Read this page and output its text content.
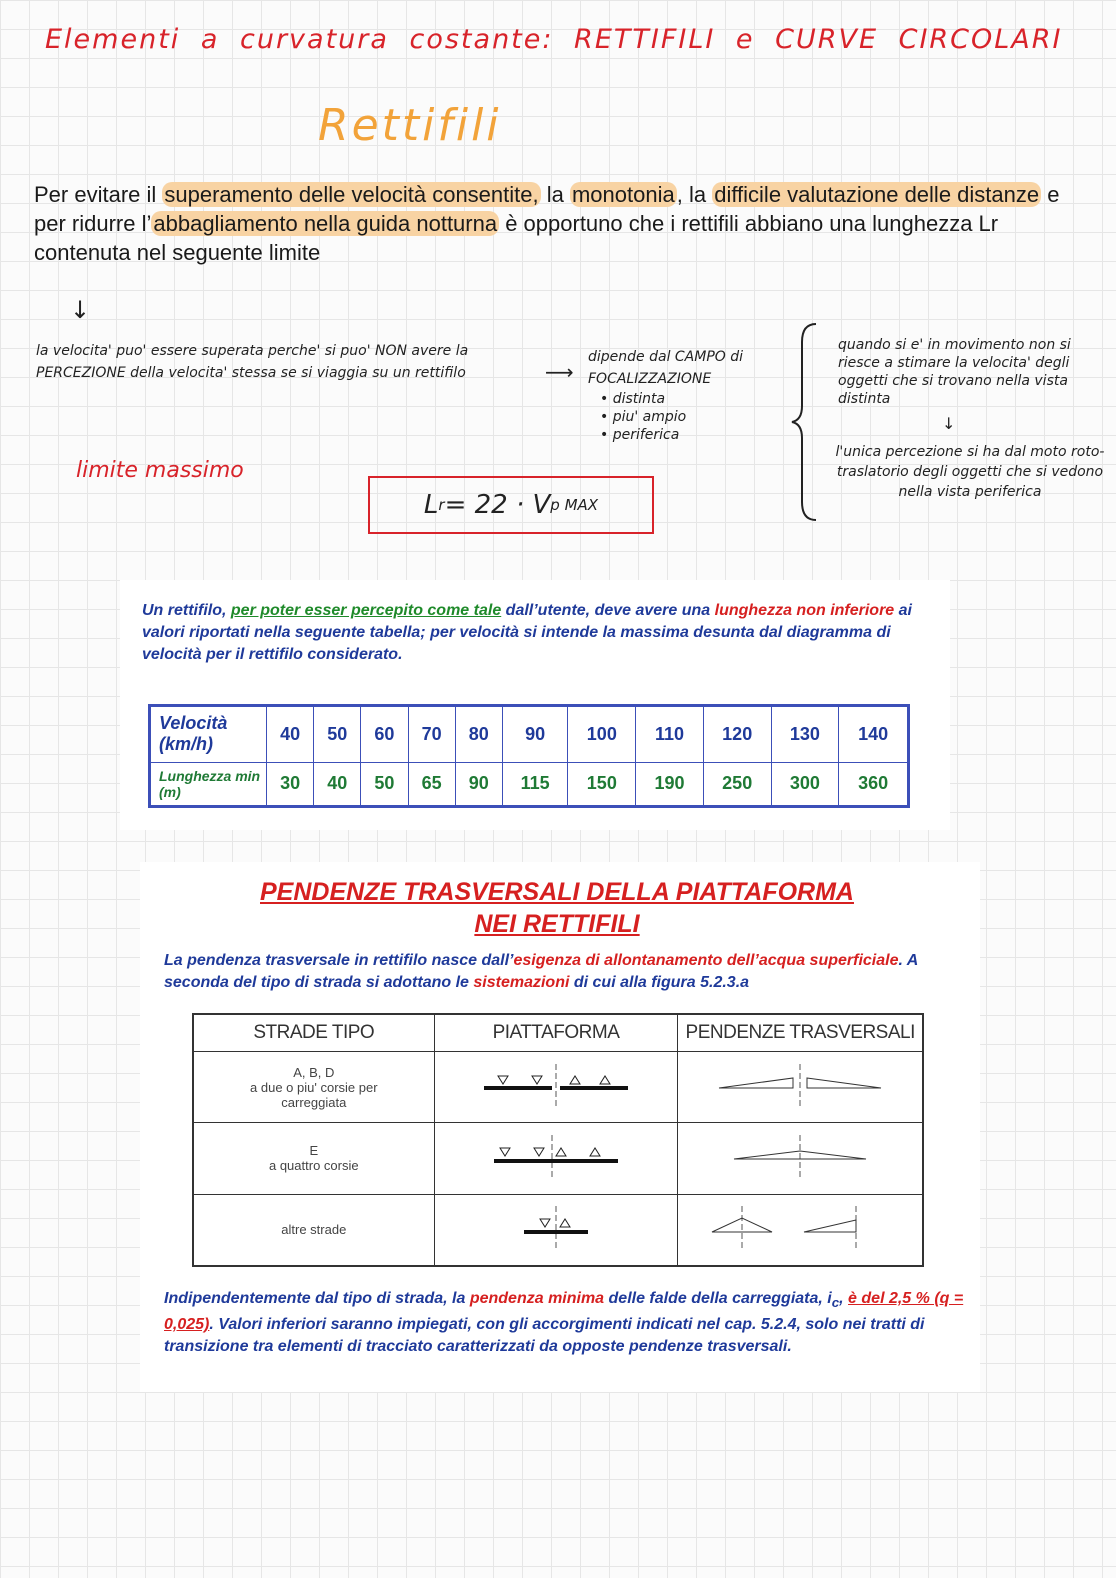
Elementi a curvatura costante: RETTIFILI e CURVE CIRCOLARI
Rettifili
Per evitare il superamento delle velocità consentite, la monotonia, la difficile valutazione delle distanze e per ridurre l’abbagliamento nella guida notturna è opportuno che i rettifili abbiano una lunghezza Lr contenuta nel seguente limite
↓
la velocita' puo' essere superata perche' si puo' NON avere la PERCEZIONE della velocita' stessa se si viaggia su un rettifilo	⟶
dipende dal CAMPO di FOCALIZZAZIONE
• distinta
• piu' ampio
• periferica
quando si e' in movimento non si riesce a stimare la velocita' degli oggetti che si trovano nella vista distinta
↓
l'unica percezione si ha dal moto roto-traslatorio degli oggetti che si vedono nella vista periferica
limite massimo
L r = 22 · V p MAX
Un rettifilo, per poter esser percepito come tale dall’utente, deve avere una lunghezza non inferiore ai valori riportati nella seguente tabella; per velocità si intende la massima desunta dal diagramma di velocità per il rettifilo considerato.
Velocità (km/h)	40	50	60	70	80	90	100	110	120	130	140
Lunghezza min (m)	30	40	50	65	90	115	150	190	250	300	360
PENDENZE TRASVERSALI DELLA PIATTAFORMA
NEI RETTIFILI
La pendenza trasversale in rettifilo nasce dall’esigenza di allontanamento dell’acqua superficiale. A seconda del tipo di strada si adottano le sistemazioni di cui alla figura 5.2.3.a
STRADE TIPO	PIATTAFORMA	PENDENZE TRASVERSALI

A, B, D
a due o piu' corsie per
carreggiata

E
a quattro corsie

altre strade

Indipendentemente dal tipo di strada, la pendenza minima delle falde della carreggiata, $i_c$, è del 2,5 % (q = 0,025). Valori inferiori saranno impiegati, con gli accorgimenti indicati nel cap. 5.2.4, solo nei tratti di transizione tra elementi di tracciato caratterizzati da opposte pendenze trasversali.
